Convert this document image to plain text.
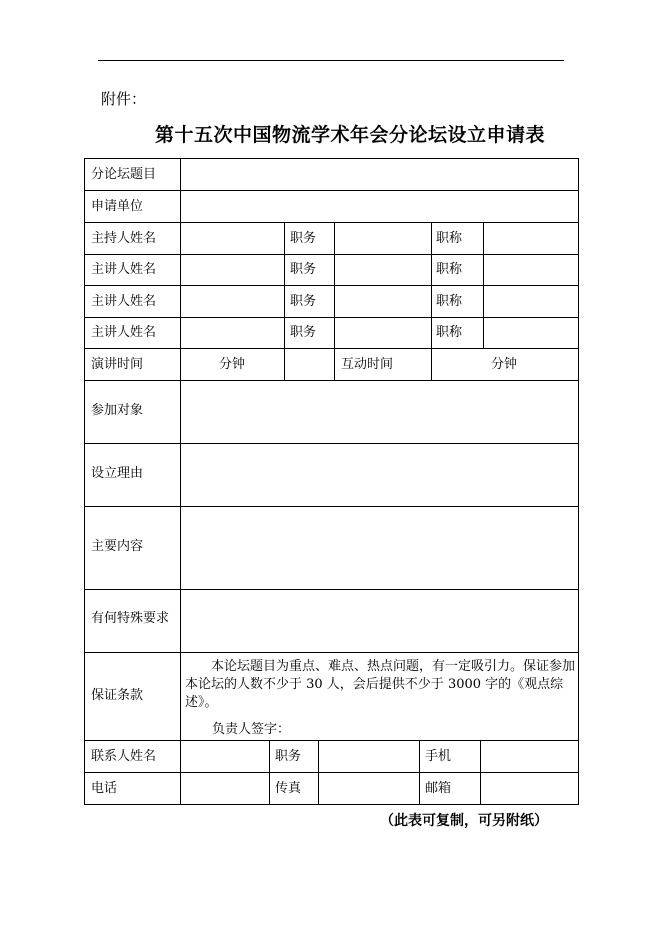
附件：
第十五次中国物流学术年会分论坛设立申请表
分论坛题目
申请单位
主持人姓名	职务	职称
主讲人姓名	职务	职称
主讲人姓名	职务	职称
主讲人姓名	职务	职称
演讲时间	分钟	互动时间	分钟
参加对象
设立理由
主要内容
有何特殊要求
保证条款

本论坛题目为重点、难点、热点问题，有一定吸引力。保证参加本论坛的人数不少于 30 人，会后提供不少于 3000 字的《观点综述》。

负责人签字：
联系人姓名	职务	手机
电话	传真	邮箱
（此表可复制，可另附纸）
